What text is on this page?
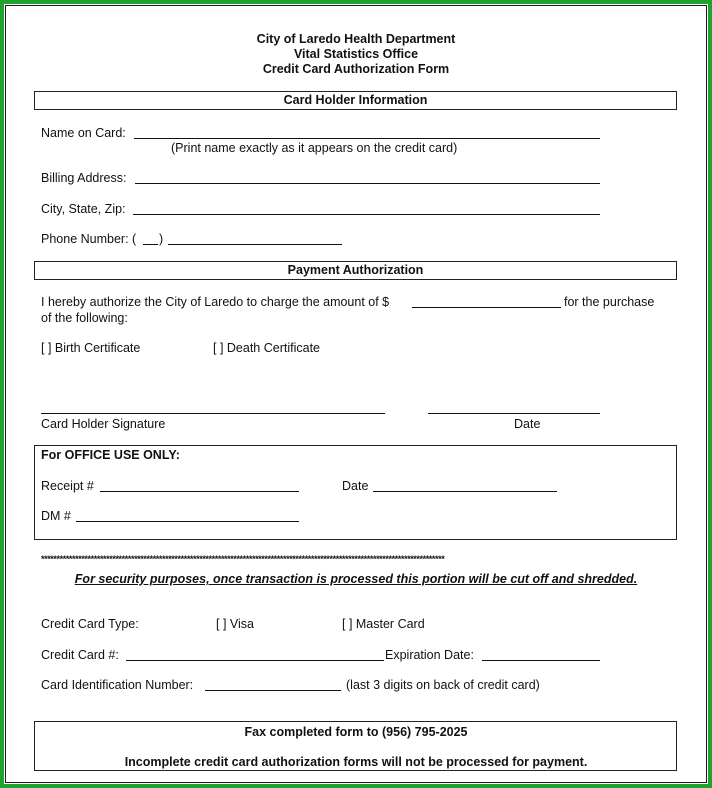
City of Laredo Health Department
Vital Statistics Office
Credit Card Authorization Form
Card Holder Information
Name on Card:
(Print name exactly as it appears on the credit card)
Billing Address:
City, State, Zip:
Phone Number: ( )
Payment Authorization
I hereby authorize the City of Laredo to charge the amount of $	for the purchase
of the following:
[ ] Birth Certificate	[ ] Death Certificate
Card Holder Signature	Date
For OFFICE USE ONLY:
Receipt #	Date
DM #
**********************************************************************************************************************************
For security purposes, once transaction is processed this portion will be cut off and shredded.
Credit Card Type:	[ ] Visa	[ ] Master Card
Credit Card #:	Expiration Date:
Card Identification Number:	(last 3 digits on back of credit card)
Fax completed form to (956) 795-2025
Incomplete credit card authorization forms will not be processed for payment.
